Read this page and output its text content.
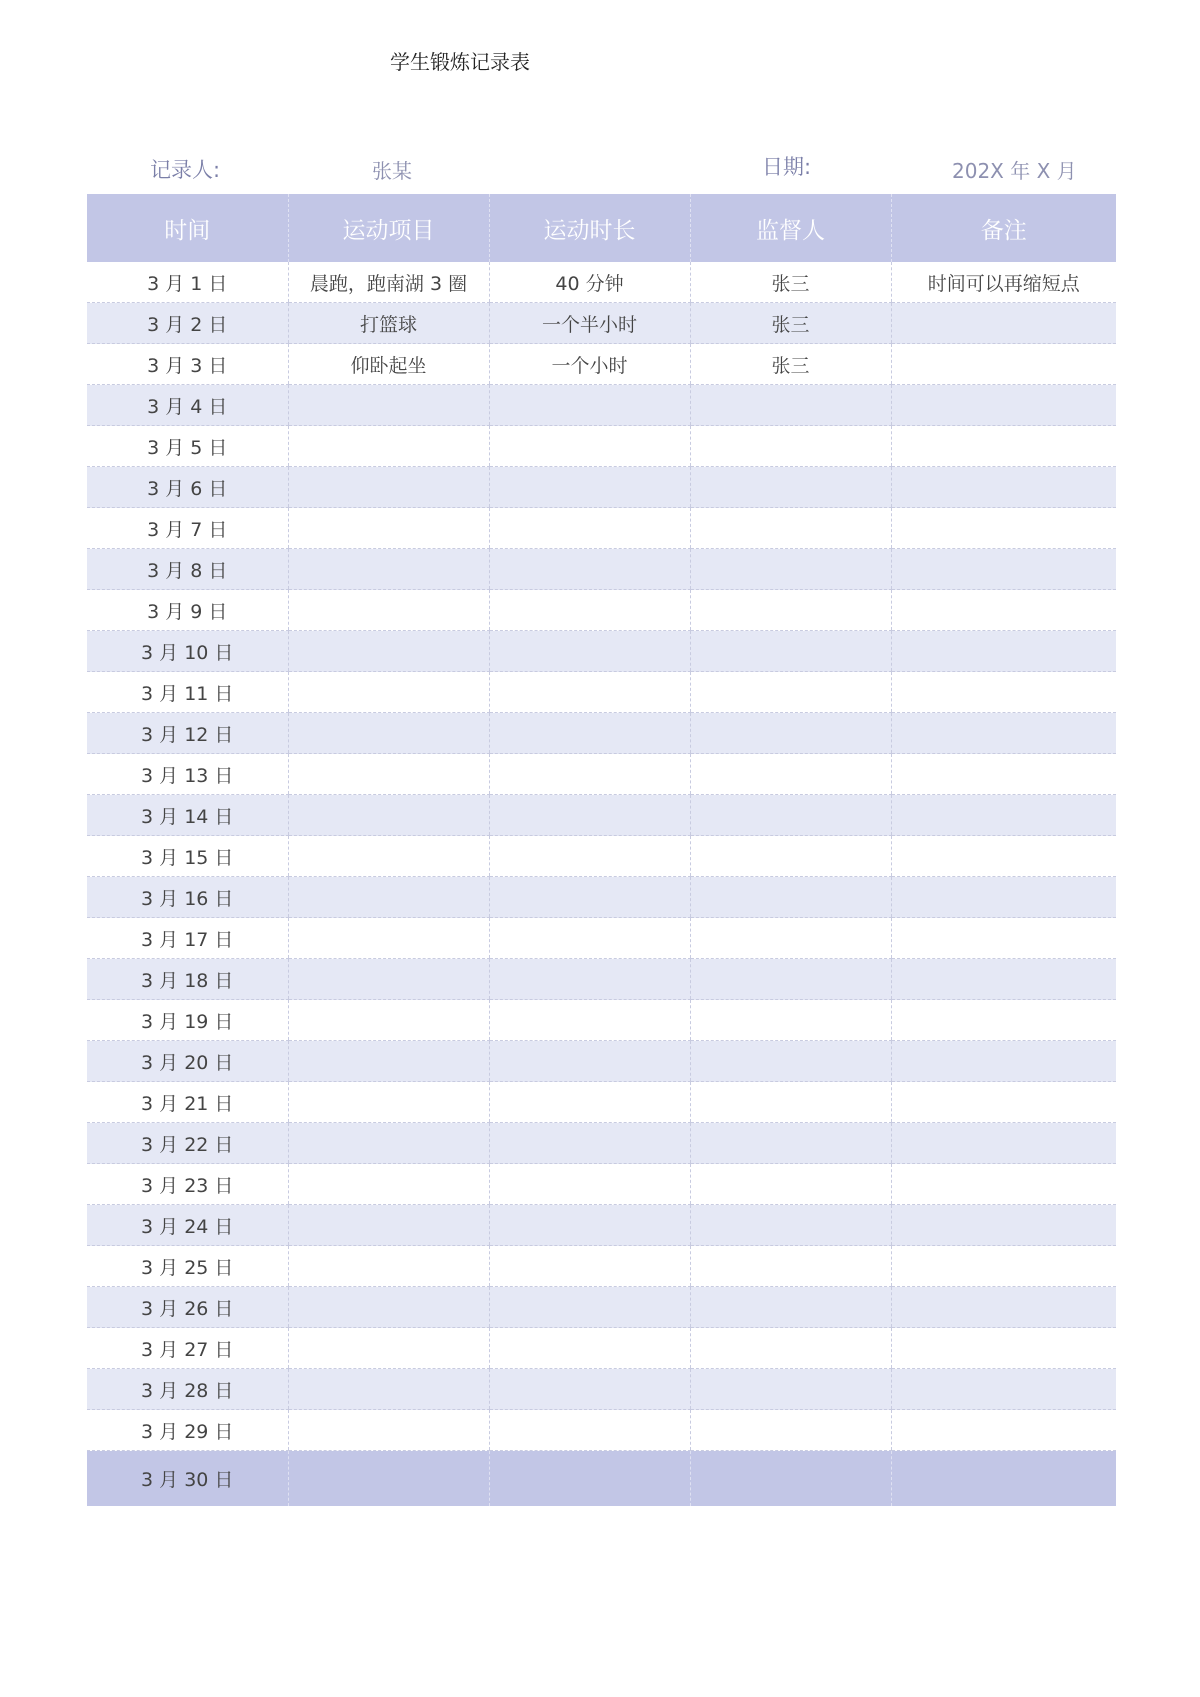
学生锻炼记录表
记录人:	张某	日期:	202X 年 X 月
时间	运动项目	运动时长	监督人	备注
3 月 1 日	晨跑，跑南湖 3 圈	40 分钟	张三	时间可以再缩短点
3 月 2 日	打篮球	一个半小时	张三	
3 月 3 日	仰卧起坐	一个小时	张三	
3 月 4 日				
3 月 5 日				
3 月 6 日				
3 月 7 日				
3 月 8 日				
3 月 9 日				
3 月 10 日				
3 月 11 日				
3 月 12 日				
3 月 13 日				
3 月 14 日				
3 月 15 日				
3 月 16 日				
3 月 17 日				
3 月 18 日				
3 月 19 日				
3 月 20 日				
3 月 21 日				
3 月 22 日				
3 月 23 日				
3 月 24 日				
3 月 25 日				
3 月 26 日				
3 月 27 日				
3 月 28 日				
3 月 29 日				
3 月 30 日				
